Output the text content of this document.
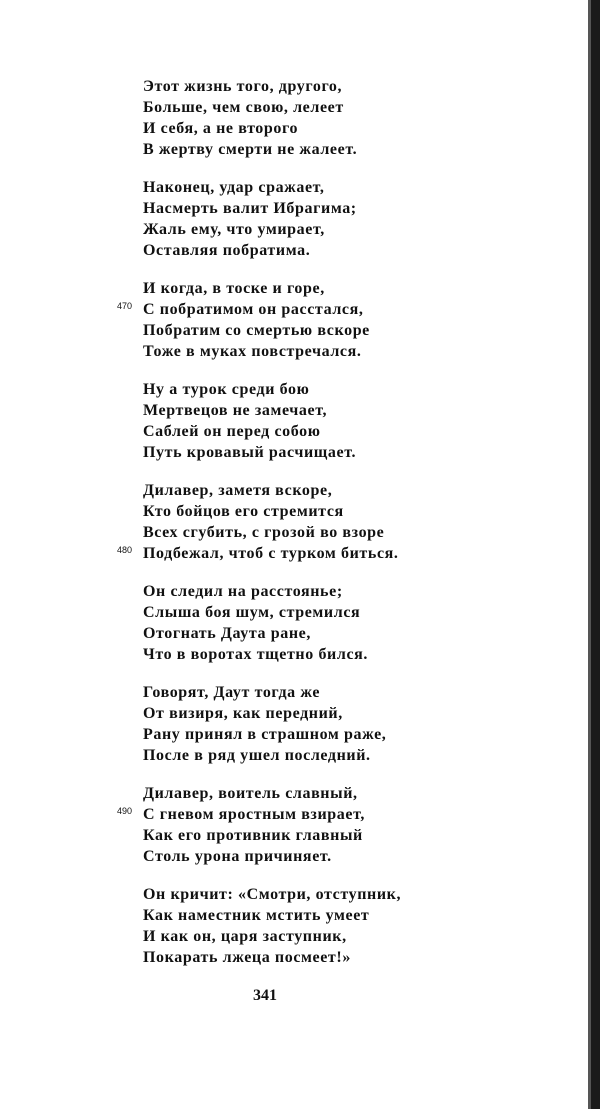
Этот жизнь того, другого,
Больше, чем свою, лелеет
И себя, а не второго
В жертву смерти не жалеет.
Наконец, удар сражает,
Насмерть валит Ибрагима;
Жаль ему, что умирает,
Оставляя побратима.
И когда, в тоске и горе,
С побратимом он расстался,
470
Побратим со смертью вскоре
Тоже в муках повстречался.
Ну а турок среди бою
Мертвецов не замечает,
Саблей он перед собою
Путь кровавый расчищает.
Дилавер, заметя вскоре,
Кто бойцов его стремится
Всех сгубить, с грозой во взоре
Подбежал, чтоб с турком биться.
480
Он следил на расстоянье;
Слыша боя шум, стремился
Отогнать Даута ране,
Что в воротах тщетно бился.
Говорят, Даут тогда же
От визиря, как передний,
Рану принял в страшном раже,
После в ряд ушел последний.
Дилавер, воитель славный,
С гневом яростным взирает,
490
Как его противник главный
Столь урона причиняет.
Он кричит: «Смотри, отступник,
Как наместник мстить умеет
И как он, царя заступник,
Покарать лжеца посмеет!»
341
